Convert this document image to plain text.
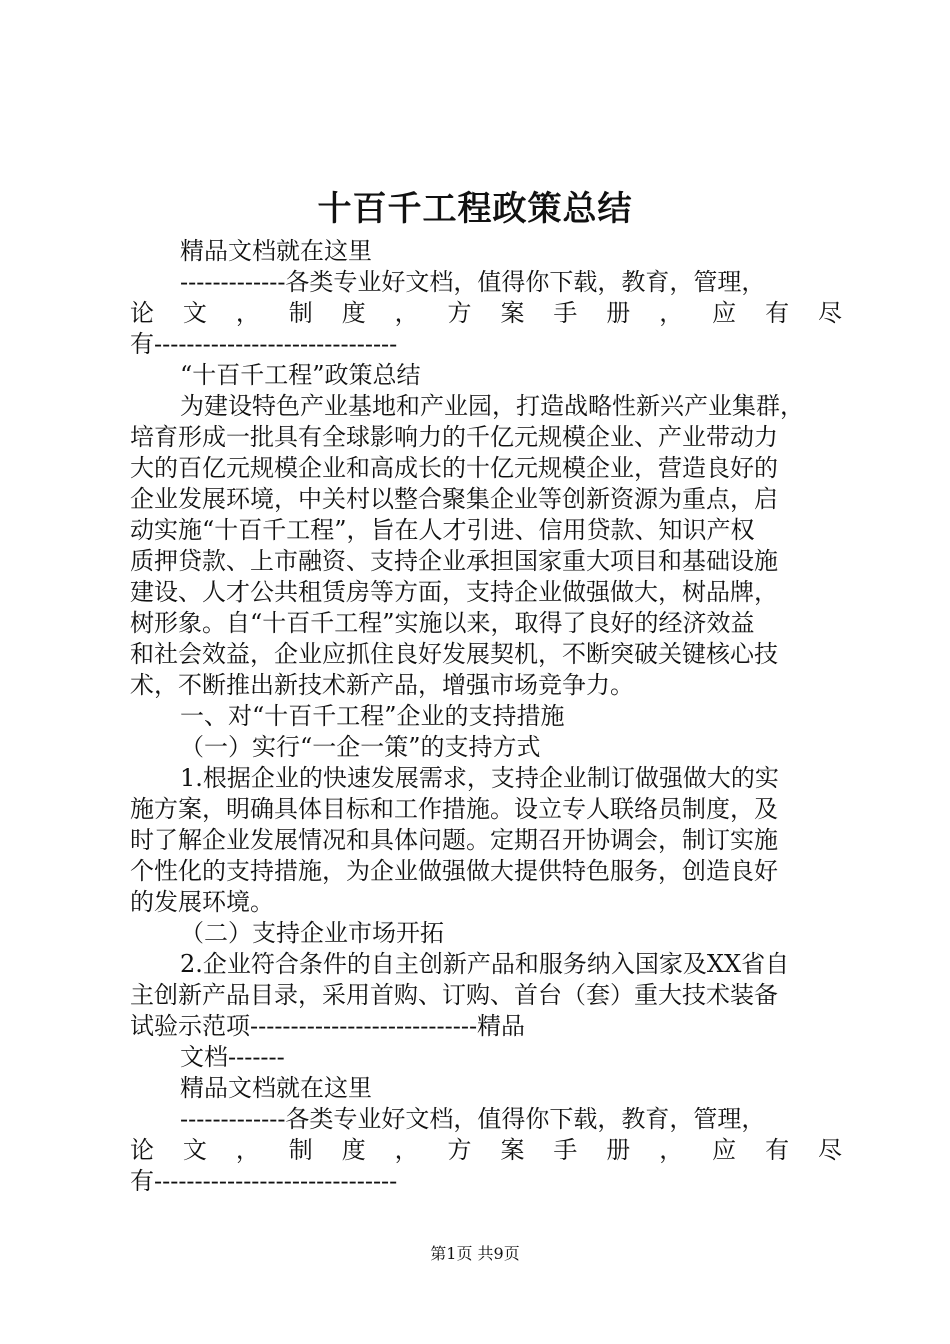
十百千工程政策总结
精品文档就在这里
-------------各类专业好文档，值得你下载，教育，管理，
论文，制度，方案手册，应有尽
有------------------------------
“十百千工程”政策总结
为建设特色产业基地和产业园，打造战略性新兴产业集群，
培育形成一批具有全球影响力的千亿元规模企业、产业带动力
大的百亿元规模企业和高成长的十亿元规模企业，营造良好的
企业发展环境，中关村以整合聚集企业等创新资源为重点，启
动实施“十百千工程”，旨在人才引进、信用贷款、知识产权
质押贷款、上市融资、支持企业承担国家重大项目和基础设施
建设、人才公共租赁房等方面，支持企业做强做大，树品牌，
树形象。自“十百千工程”实施以来，取得了良好的经济效益
和社会效益，企业应抓住良好发展契机，不断突破关键核心技
术，不断推出新技术新产品，增强市场竞争力。
一、对“十百千工程”企业的支持措施
（一）实行“一企一策”的支持方式
1.根据企业的快速发展需求，支持企业制订做强做大的实
施方案，明确具体目标和工作措施。设立专人联络员制度，及
时了解企业发展情况和具体问题。定期召开协调会，制订实施
个性化的支持措施，为企业做强做大提供特色服务，创造良好
的发展环境。
（二）支持企业市场开拓
2.企业符合条件的自主创新产品和服务纳入国家及XX省自
主创新产品目录，采用首购、订购、首台（套）重大技术装备
试验示范项----------------------------精品
文档-------
精品文档就在这里
-------------各类专业好文档，值得你下载，教育，管理，
论文，制度，方案手册，应有尽
有------------------------------
第1页 共9页
